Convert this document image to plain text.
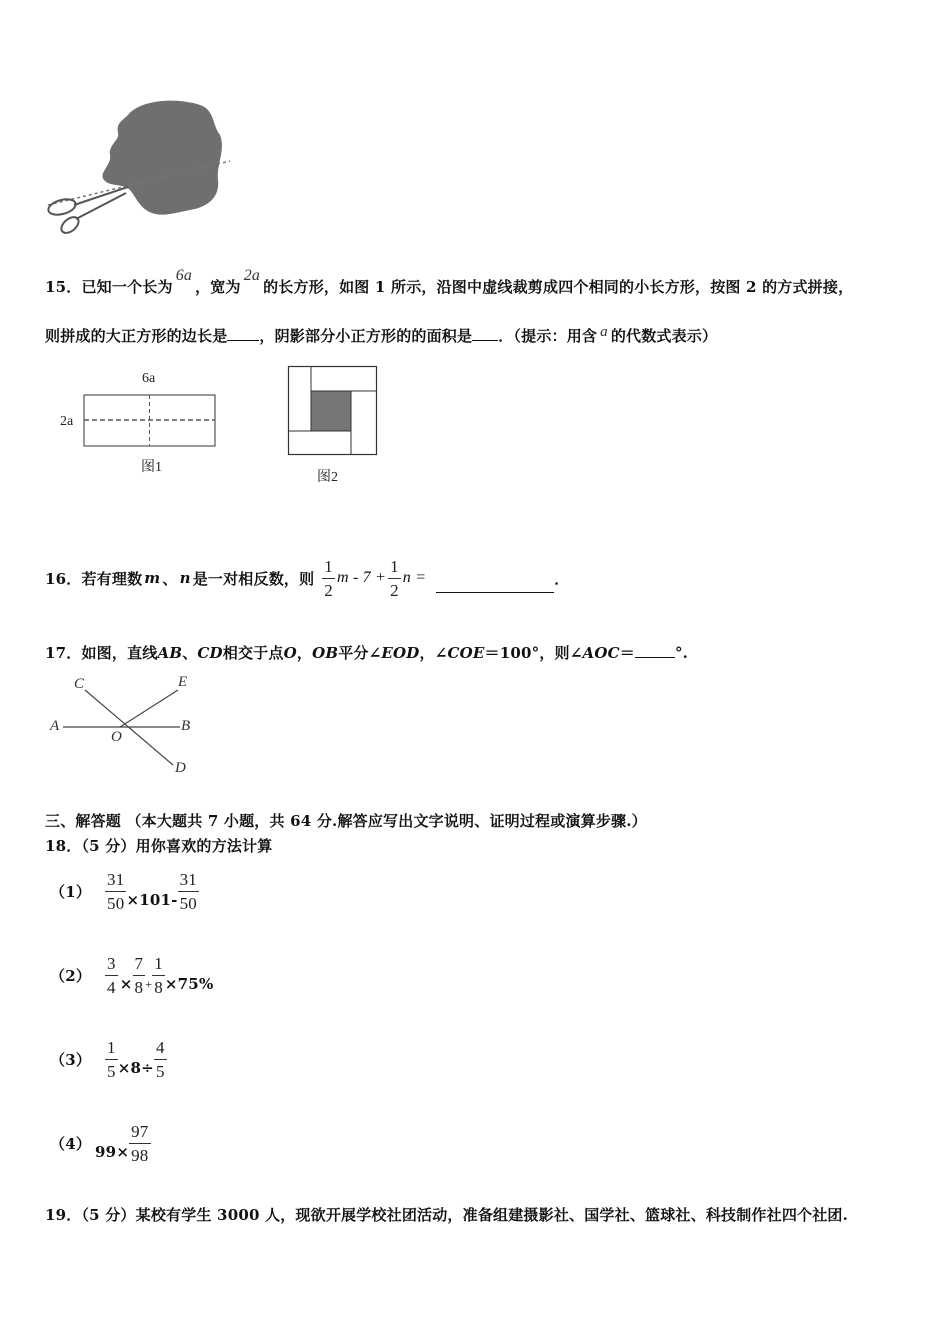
15．已知一个长为6a，宽为2a的长方形，如图 1 所示，沿图中虚线裁剪成四个相同的小长方形，按图 2 的方式拼接，
则拼成的大正方形的边长是 ，阴影部分小正方形的的面积是 ．（提示：用含 a 的代数式表示）
6a
2a
图1
图2
16． 若有理数 m 、 n 是一对相反数，则 $\frac{1}{2}$ $m - 7 + \frac{1}{2}$ n =	．
17．如图，直线AB、CD相交于点O，OB平分∠EOD，∠COE＝100°，则∠AOC＝	°.
C	E
A	B
O
D
三、解答题 （本大题共 7 小题，共 64 分.解答应写出文字说明、证明过程或演算步骤.）
18．（5 分）用你喜欢的方法计算
$(1) \frac{31}{50} \times 101- \frac{31}{50}$
$(2) \frac{3}{4} \times \frac{7}{8} + \frac{1}{8} \times 75\%$
$(3) \frac{1}{5} \times 8\div \frac{4}{5}$
（4） $99\times \frac{97}{98}$
19．（5 分）某校有学生 3000 人，现欲开展学校社团活动，准备组建摄影社、国学社、篮球社、科技制作社四个社团.
